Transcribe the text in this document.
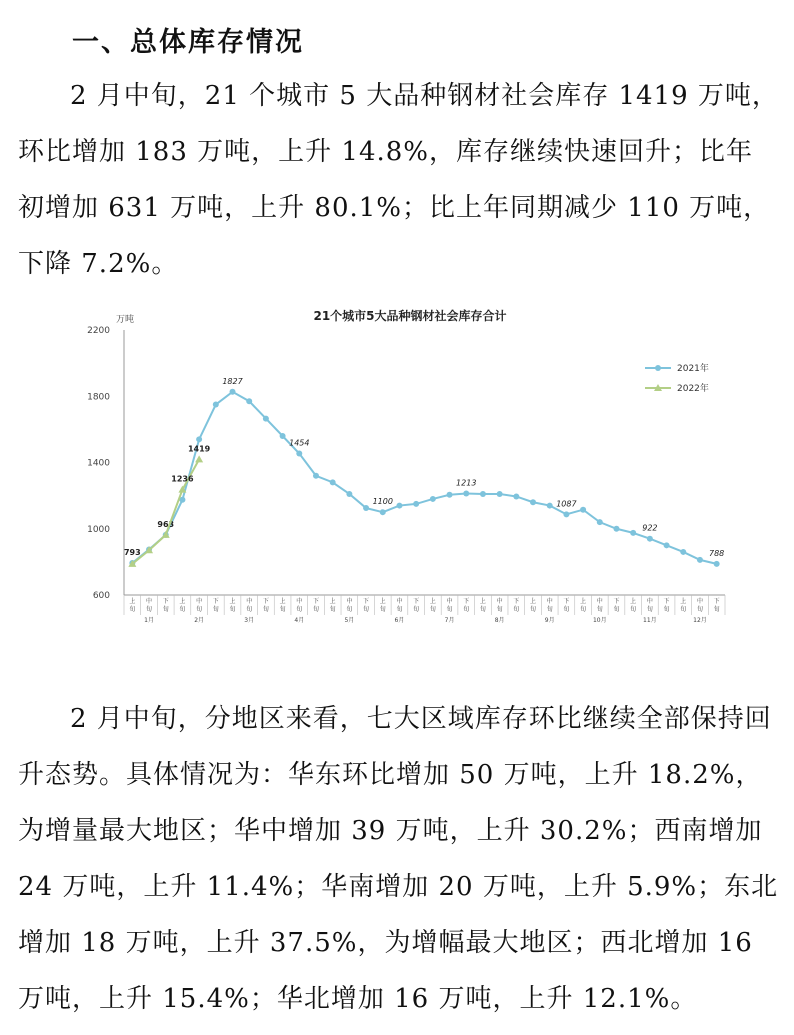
一、总体库存情况

2 月中旬，21 个城市 5 大品种钢材社会库存 1419 万吨，环比增加 183 万吨，上升 14.8%，库存继续快速回升；比年初增加 631 万吨，上升 80.1%；比上年同期减少 110 万吨，下降 7.2%。

21个城市5大品种钢材社会库存合计
万吨
600
1000
1400
1800
2200
上
旬
中
旬
下
旬
上
旬
中
旬
下
旬
上
旬
中
旬
下
旬
上
旬
中
旬
下
旬
上
旬
中
旬
下
旬
上
旬
中
旬
下
旬
上
旬
中
旬
下
旬
上
旬
中
旬
下
旬
上
旬
中
旬
下
旬
上
旬
中
旬
下
旬
上
旬
中
旬
下
旬
上
旬
中
旬
下
旬
1月	2月	3月	4月	5月	6月	7月	8月	9月	10月	11月	12月
793
963
1827
1454
1100
1213
1087
922
788
1236
1419
2021年
2022年

2 月中旬，分地区来看，七大区域库存环比继续全部保持回升态势。具体情况为：华东环比增加 50 万吨，上升 18.2%，为增量最大地区；华中增加 39 万吨，上升 30.2%；西南增加 24 万吨，上升 11.4%；华南增加 20 万吨，上升 5.9%；东北增加 18 万吨，上升 37.5%，为增幅最大地区；西北增加 16 万吨，上升 15.4%；华北增加 16 万吨，上升 12.1%。
